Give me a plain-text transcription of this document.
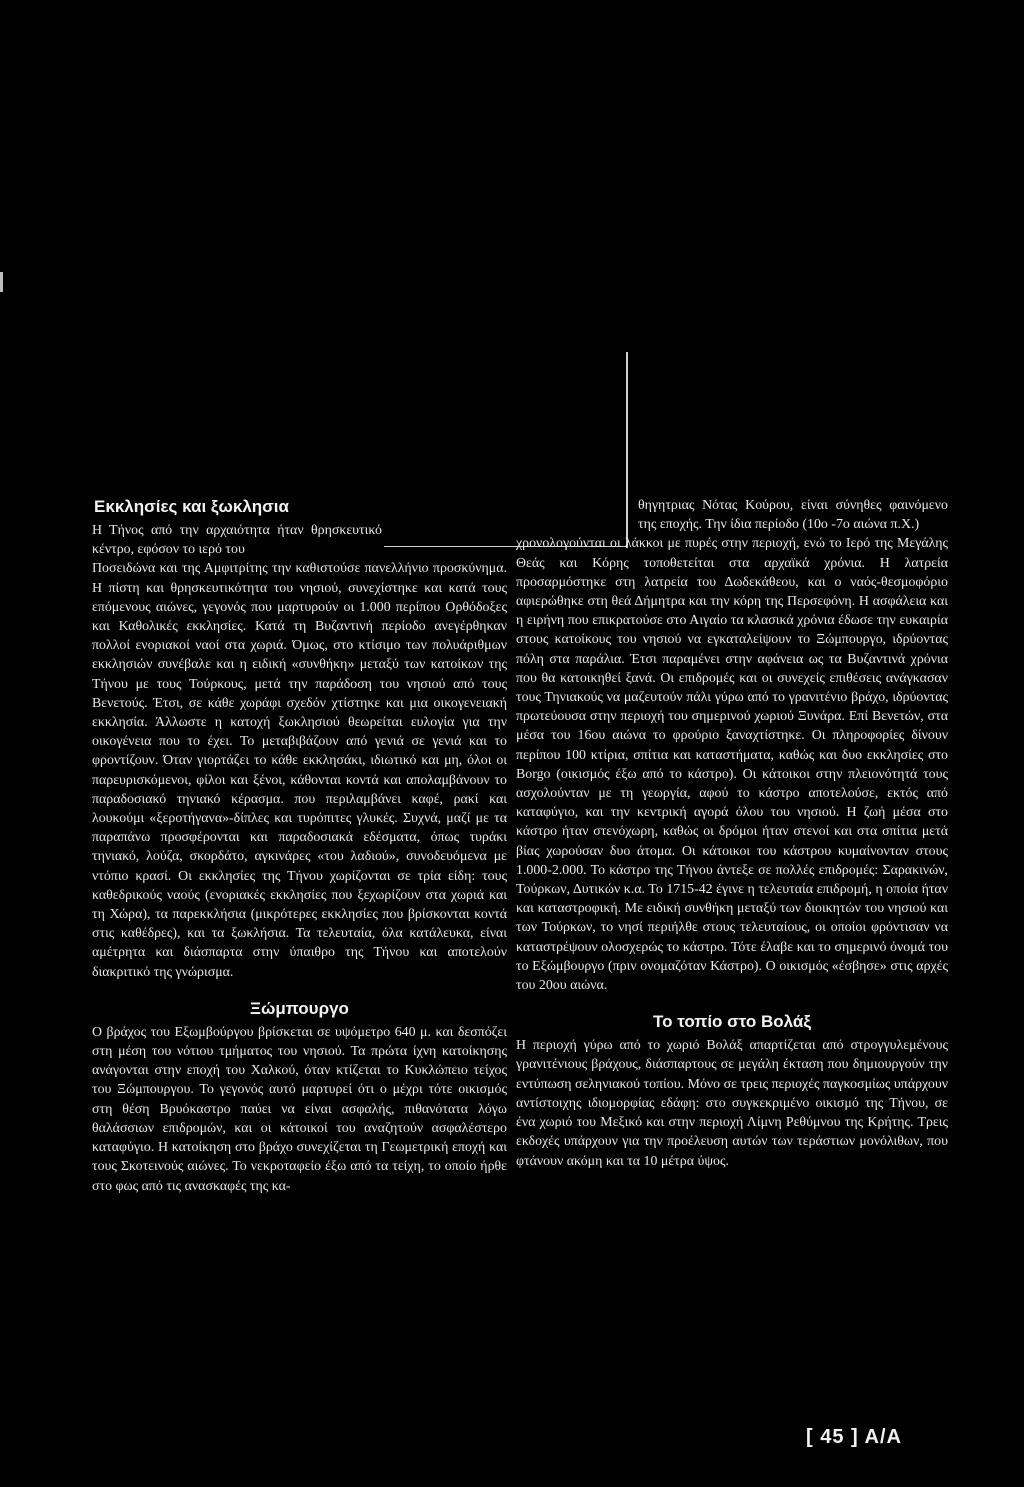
Εκκλησίες και ξωκλησια

Η Τήνος από την αρχαιότητα ήταν θρησκευτικό κέντρο, εφόσον το ιερό του

Ποσειδώνα και της Αμφιτρίτης την καθιστούσε πανελλήνιο προσκύνημα. Η πίστη και θρησκευτικότητα του νησιού, συνεχίστηκε και κατά τους επόμενους αιώνες, γεγονός που μαρτυρούν οι 1.000 περίπου Ορθόδοξες και Καθολικές εκκλησίες. Κατά τη Βυζαντινή περίοδο ανεγέρθηκαν πολλοί ενοριακοί ναοί στα χωριά. Όμως, στο κτίσιμο των πολυάριθμων εκκλησιών συνέβαλε και η ειδική «συνθήκη» μεταξύ των κατοίκων της Τήνου με τους Τούρκους, μετά την παράδοση του νησιού από τους Βενετούς. Έτσι, σε κάθε χωράφι σχεδόν χτίστηκε και μια οικογενειακή εκκλησία. Άλλωστε η κατοχή ξωκλησιού θεωρείται ευλογία για την οικογένεια που το έχει. Το μεταβιβάζουν από γενιά σε γενιά και το φροντίζουν. Όταν γιορτάζει το κάθε εκκλησάκι, ιδιωτικό και μη, όλοι οι παρευρισκόμενοι, φίλοι και ξένοι, κάθονται κοντά και απολαμβάνουν το παραδοσιακό τηνιακό κέρασμα. που περιλαμβάνει καφέ, ρακί και λουκούμι «ξεροτήγανα»-δίπλες και τυρόπιτες γλυκές. Συχνά, μαζί με τα παραπάνω προσφέρονται και παραδοσιακά εδέσματα, όπως τυράκι τηνιακό, λούζα, σκορδάτο, αγκινάρες «του λαδιού», συνοδευόμενα με ντόπιο κρασί. Οι εκκλησίες της Τήνου χωρίζονται σε τρία είδη: τους καθεδρικούς ναούς (ενοριακές εκκλησίες που ξεχωρίζουν στα χωριά και τη Χώρα), τα παρεκκλήσια (μικρότερες εκκλησίες που βρίσκονται κοντά στις καθέδρες), και τα ξωκλήσια. Τα τελευταία, όλα κατάλευκα, είναι αμέτρητα και διάσπαρτα στην ύπαιθρο της Τήνου και αποτελούν διακριτικό της γνώρισμα.

Ξώμπουργο

Ο βράχος του Εξωμβούργου βρίσκεται σε υψόμετρο 640 μ. και δεσπόζει στη μέση του νότιου τμήματος του νησιού. Τα πρώτα ίχνη κατοίκησης ανάγονται στην εποχή του Χαλκού, όταν κτίζεται το Κυκλώπειο τείχος του Ξώμπουργου. Το γεγονός αυτό μαρτυρεί ότι ο μέχρι τότε οικισμός στη θέση Βρυόκαστρο παύει να είναι ασφαλής, πιθανότατα λόγω θαλάσσιων επιδρομών, και οι κάτοικοί του αναζητούν ασφαλέστερο καταφύγιο. Η κατοίκηση στο βράχο συνεχίζεται τη Γεωμετρική εποχή και τους Σκοτεινούς αιώνες. Το νεκροταφείο έξω από τα τείχη, το οποίο ήρθε στο φως από τις ανασκαφές της κα-

θηγητριας Νότας Κούρου, είναι σύνηθες φαινόμενο της εποχής. Την ίδια περίοδο (10ο -7ο αιώνα π.Χ.)

χρονολογούνται οι λάκκοι με πυρές στην περιοχή, ενώ το Ιερό της Μεγάλης Θεάς και Κόρης τοποθετείται στα αρχαϊκά χρόνια. Η λατρεία προσαρμόστηκε στη λατρεία του Δωδεκάθεου, και ο ναός-θεσμοφόριο αφιερώθηκε στη θεά Δήμητρα και την κόρη της Περσεφόνη. Η ασφάλεια και η ειρήνη που επικρατούσε στο Αιγαίο τα κλασικά χρόνια έδωσε την ευκαιρία στους κατοίκους του νησιού να εγκαταλείψουν το Ξώμπουργο, ιδρύοντας πόλη στα παράλια. Έτσι παραμένει στην αφάνεια ως τα Βυζαντινά χρόνια που θα κατοικηθεί ξανά. Οι επιδρομές και οι συνεχείς επιθέσεις ανάγκασαν τους Τηνιακούς να μαζευτούν πάλι γύρω από το γρανιτένιο βράχο, ιδρύοντας πρωτεύουσα στην περιοχή του σημερινού χωριού Ξυνάρα. Επί Βενετών, στα μέσα του 16ου αιώνα το φρούριο ξαναχτίστηκε. Οι πληροφορίες δίνουν περίπου 100 κτίρια, σπίτια και καταστήματα, καθώς και δυο εκκλησίες στο Borgo (οικισμός έξω από το κάστρο). Οι κάτοικοι στην πλειονότητά τους ασχολούνταν με τη γεωργία, αφού το κάστρο αποτελούσε, εκτός από καταφύγιο, και την κεντρική αγορά όλου του νησιού. Η ζωή μέσα στο κάστρο ήταν στενόχωρη, καθώς οι δρόμοι ήταν στενοί και στα σπίτια μετά βίας χωρούσαν δυο άτομα. Οι κάτοικοι του κάστρου κυμαίνονταν στους 1.000-2.000. Το κάστρο της Τήνου άντεξε σε πολλές επιδρομές: Σαρακινών, Τούρκων, Δυτικών κ.α. Το 1715-42 έγινε η τελευταία επιδρομή, η οποία ήταν και καταστροφική. Με ειδική συνθήκη μεταξύ των διοικητών του νησιού και των Τούρκων, το νησί περιήλθε στους τελευταίους, οι οποίοι φρόντισαν να καταστρέψουν ολοσχερώς το κάστρο. Τότε έλαβε και το σημερινό όνομά του το Εξώμβουργο (πριν ονομαζόταν Κάστρο). Ο οικισμός «έσβησε» στις αρχές του 20ου αιώνα.

Το τοπίο στο Βολάξ

Η περιοχή γύρω από το χωριό Βολάξ απαρτίζεται από στρογγυλεμένους γρανιτένιους βράχους, διάσπαρτους σε μεγάλη έκταση που δημιουργούν την εντύπωση σεληνιακού τοπίου. Μόνο σε τρεις περιοχές παγκοσμίως υπάρχουν αντίστοιχης ιδιομορφίας εδάφη: στο συγκεκριμένο οικισμό της Τήνου, σε ένα χωριό του Μεξικό και στην περιοχή Λίμνη Ρεθύμνου της Κρήτης. Τρεις εκδοχές υπάρχουν για την προέλευση αυτών των τεράστιων μονόλιθων, που φτάνουν ακόμη και τα 10 μέτρα ύψος.

[ 45 ] A/A
